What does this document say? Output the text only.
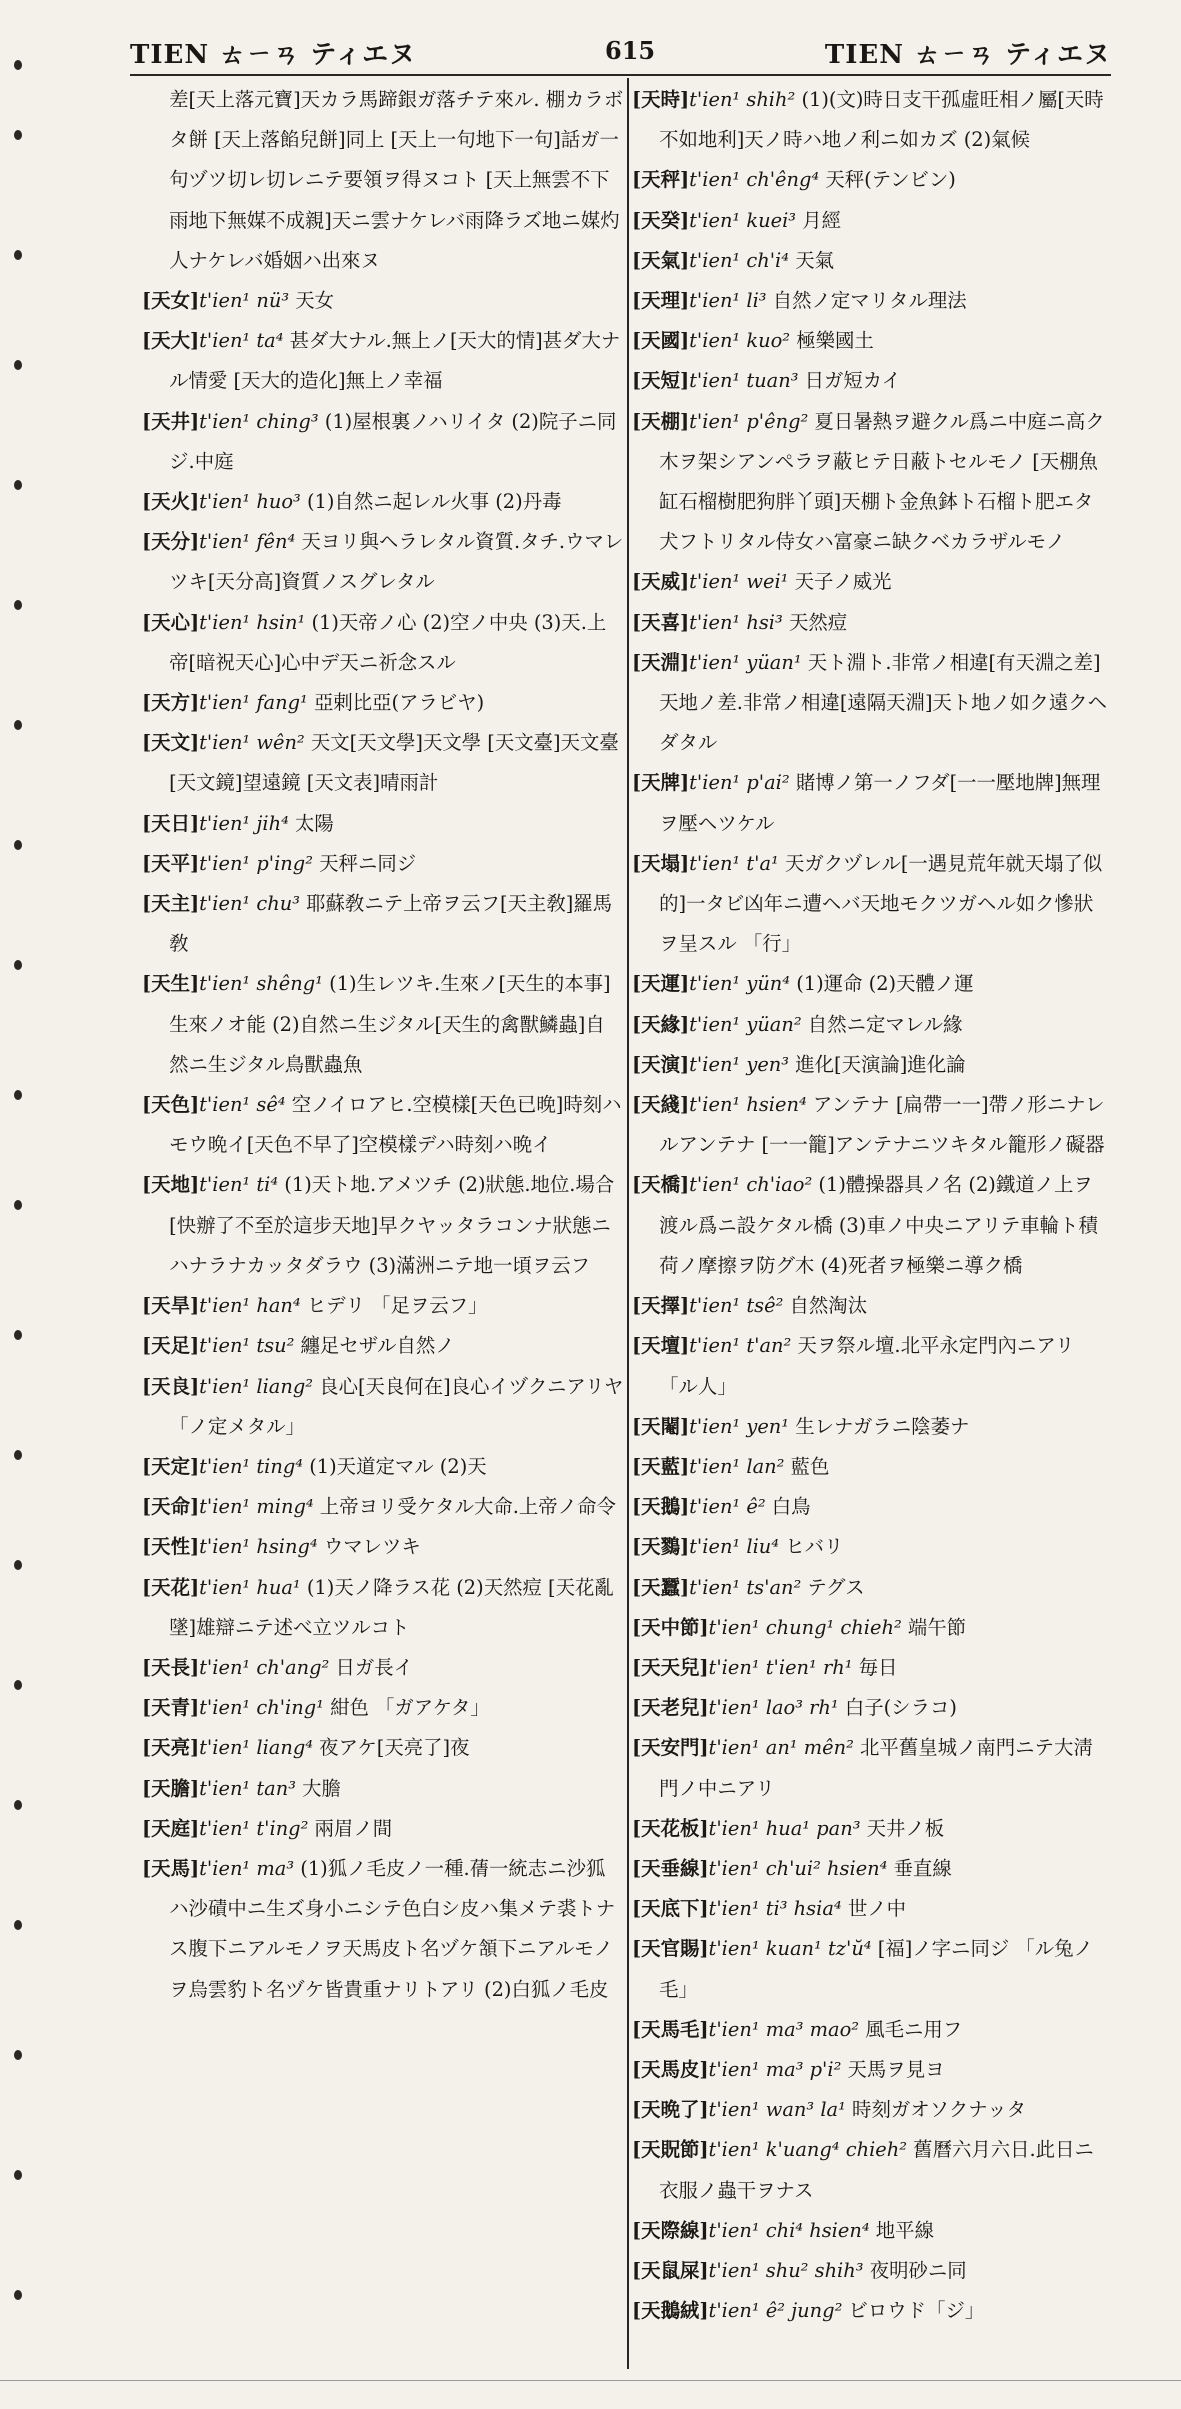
TIEN ㄊㄧㄢ ティエヌ	615	TIEN ㄊㄧㄢ ティエヌ

差[天上落元寶]天カラ馬蹄銀ガ落チテ來ル. 棚カラボタ餅 [天上落餡兒餅]同上 [天上一句地下一句]話ガ一句ヅツ切レ切レニテ要領ヲ得ヌコト [天上無雲不下雨地下無媒不成親]天ニ雲ナケレバ雨降ラズ地ニ媒灼人ナケレバ婚姻ハ出來ヌ

[天女]t'ien¹ nü³ 天女

[天大]t'ien¹ ta⁴ 甚ダ大ナル.無上ノ[天大的情]甚ダ大ナル情愛 [天大的造化]無上ノ幸福

[天井]t'ien¹ ching³ (1)屋根裏ノハリイタ (2)院子ニ同ジ.中庭

[天火]t'ien¹ huo³ (1)自然ニ起レル火事 (2)丹毒

[天分]t'ien¹ fên⁴ 天ヨリ與ヘラレタル資質.タチ.ウマレツキ[天分高]資質ノスグレタル

[天心]t'ien¹ hsin¹ (1)天帝ノ心 (2)空ノ中央 (3)天.上帝[暗祝天心]心中デ天ニ祈念スル

[天方]t'ien¹ fang¹ 亞剌比亞(アラビヤ)

[天文]t'ien¹ wên² 天文[天文學]天文學 [天文臺]天文臺[天文鏡]望遠鏡 [天文表]晴雨計

[天日]t'ien¹ jih⁴ 太陽

[天平]t'ien¹ p'ing² 天秤ニ同ジ

[天主]t'ien¹ chu³ 耶蘇敎ニテ上帝ヲ云フ[天主敎]羅馬敎

[天生]t'ien¹ shêng¹ (1)生レツキ.生來ノ[天生的本事]生來ノオ能 (2)自然ニ生ジタル[天生的禽獸鱗蟲]自然ニ生ジタル鳥獸蟲魚

[天色]t'ien¹ sê⁴ 空ノイロアヒ.空模樣[天色已晚]時刻ハモウ晩イ[天色不早了]空模樣デハ時刻ハ晩イ

[天地]t'ien¹ ti⁴ (1)天ト地.アメツチ (2)狀態.地位.場合 [快辦了不至於這步天地]早クヤッタラコンナ狀態ニハナラナカッタダラウ (3)滿洲ニテ地一頃ヲ云フ

[天旱]t'ien¹ han⁴ ヒデリ 「足ヲ云フ」

[天足]t'ien¹ tsu² 纏足セザル自然ノ

[天良]t'ien¹ liang² 良心[天良何在]良心イヅクニアリヤ 「ノ定メタル」

[天定]t'ien¹ ting⁴ (1)天道定マル (2)天

[天命]t'ien¹ ming⁴ 上帝ヨリ受ケタル大命.上帝ノ命令

[天性]t'ien¹ hsing⁴ ウマレツキ

[天花]t'ien¹ hua¹ (1)天ノ降ラス花 (2)天然痘 [天花亂墜]雄辯ニテ述べ立ツルコト

[天長]t'ien¹ ch'ang² 日ガ長イ

[天青]t'ien¹ ch'ing¹ 紺色 「ガアケタ」

[天亮]t'ien¹ liang⁴ 夜アケ[天亮了]夜

[天膽]t'ien¹ tan³ 大膽

[天庭]t'ien¹ t'ing² 兩眉ノ間

[天馬]t'ien¹ ma³ (1)狐ノ毛皮ノ一種.蒨一統志ニ沙狐ハ沙磧中ニ生ズ身小ニシテ色白シ皮ハ集メテ裘トナス腹下ニアルモノヲ天馬皮ト名ヅケ頷下ニアルモノヲ烏雲豹ト名ヅケ皆貴重ナリトアリ (2)白狐ノ毛皮

[天時]t'ien¹ shih² (1)(文)時日支干孤虛旺相ノ屬[天時不如地利]天ノ時ハ地ノ利ニ如カズ (2)氣候

[天秤]t'ien¹ ch'êng⁴ 天秤(テンビン)

[天癸]t'ien¹ kuei³ 月經

[天氣]t'ien¹ ch'i⁴ 天氣

[天理]t'ien¹ li³ 自然ノ定マリタル理法

[天國]t'ien¹ kuo² 極樂國土

[天短]t'ien¹ tuan³ 日ガ短カイ

[天棚]t'ien¹ p'êng² 夏日暑熱ヲ避クル爲ニ中庭ニ高ク木ヲ架シアンペラヲ蔽ヒテ日蔽トセルモノ [天棚魚缸石榴樹肥狗胖丫頭]天棚ト金魚鉢ト石榴ト肥エタ犬フトリタル侍女ハ富豪ニ缺クベカラザルモノ

[天威]t'ien¹ wei¹ 天子ノ威光

[天喜]t'ien¹ hsi³ 天然痘

[天淵]t'ien¹ yüan¹ 天ト淵ト.非常ノ相違[有天淵之差]天地ノ差.非常ノ相違[遠隔天淵]天ト地ノ如ク遠クヘダタル

[天牌]t'ien¹ p'ai² 賭博ノ第一ノフダ[一一壓地牌]無理ヲ壓ヘツケル

[天塌]t'ien¹ t'a¹ 天ガクヅレル[一遇見荒年就天塌了似的]一タビ凶年ニ遭ヘバ天地モクツガヘル如ク慘狀ヲ呈スル 「行」

[天運]t'ien¹ yün⁴ (1)運命 (2)天體ノ運

[天緣]t'ien¹ yüan² 自然ニ定マレル緣

[天演]t'ien¹ yen³ 進化[天演論]進化論

[天綫]t'ien¹ hsien⁴ アンテナ [扁帶一一]帶ノ形ニナレルアンテナ [一一籠]アンテナニツキタル籠形ノ礙器

[天橋]t'ien¹ ch'iao² (1)體操器具ノ名 (2)鐵道ノ上ヲ渡ル爲ニ設ケタル橋 (3)車ノ中央ニアリテ車輪ト積荷ノ摩擦ヲ防グ木 (4)死者ヲ極樂ニ導ク橋

[天擇]t'ien¹ tsê² 自然淘汰

[天壇]t'ien¹ t'an² 天ヲ祭ル壇.北平永定門內ニアリ 「ル人」

[天閹]t'ien¹ yen¹ 生レナガラニ陰萎ナ

[天藍]t'ien¹ lan² 藍色

[天鵝]t'ien¹ ê² 白鳥

[天鷚]t'ien¹ liu⁴ ヒバリ

[天蠶]t'ien¹ ts'an² テグス

[天中節]t'ien¹ chung¹ chieh² 端午節

[天天兒]t'ien¹ t'ien¹ rh¹ 毎日

[天老兒]t'ien¹ lao³ rh¹ 白子(シラコ)

[天安門]t'ien¹ an¹ mên² 北平舊皇城ノ南門ニテ大淸門ノ中ニアリ

[天花板]t'ien¹ hua¹ pan³ 天井ノ板

[天垂線]t'ien¹ ch'ui² hsien⁴ 垂直線

[天底下]t'ien¹ ti³ hsia⁴ 世ノ中

[天官賜]t'ien¹ kuan¹ tz'ŭ⁴ [福]ノ字ニ同ジ 「ル兔ノ毛」

[天馬毛]t'ien¹ ma³ mao² 風毛ニ用フ

[天馬皮]t'ien¹ ma³ p'i² 天馬ヲ見ヨ

[天晩了]t'ien¹ wan³ la¹ 時刻ガオソクナッタ

[天貺節]t'ien¹ k'uang⁴ chieh² 舊曆六月六日.此日ニ衣服ノ蟲干ヲナス

[天際線]t'ien¹ chi⁴ hsien⁴ 地平線

[天鼠屎]t'ien¹ shu² shih³ 夜明砂ニ同

[天鵝絨]t'ien¹ ê² jung² ビロウド「ジ」
